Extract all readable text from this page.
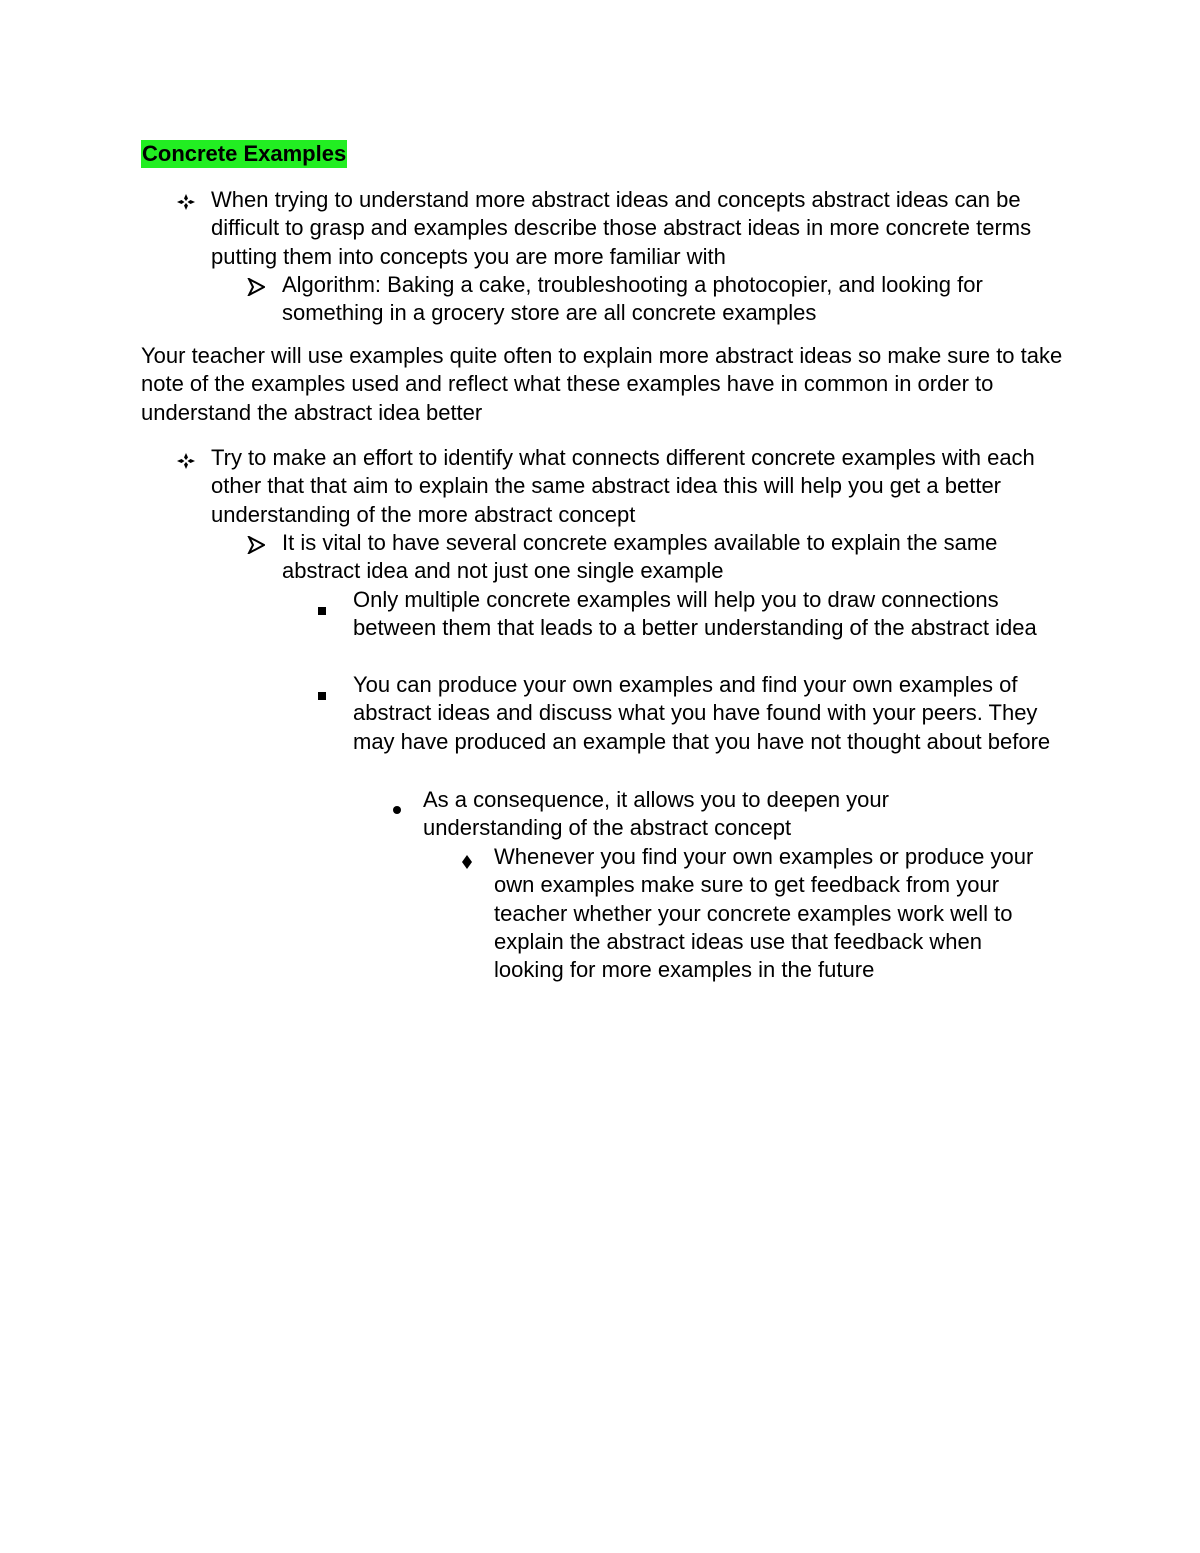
Concrete Examples
When trying to understand more abstract ideas and concepts abstract ideas can be difficult to grasp and examples describe those abstract ideas in more concrete terms putting them into concepts you are more familiar with
Algorithm: Baking a cake, troubleshooting a photocopier, and looking for something in a grocery store are all concrete examples
Your teacher will use examples quite often to explain more abstract ideas so make sure to take note of the examples used and reflect what these examples have in common in order to understand the abstract idea better
Try to make an effort to identify what connects different concrete examples with each other that that aim to explain the same abstract idea this will help you get a better understanding of the more abstract concept
It is vital to have several concrete examples available to explain the same abstract idea and not just one single example
Only multiple concrete examples will help you to draw connections between them that leads to a better understanding of the abstract idea
You can produce your own examples and find your own examples of abstract ideas and discuss what you have found with your peers. They may have produced an example that you have not thought about before
As a consequence, it allows you to deepen your understanding of the abstract concept
Whenever you find your own examples or produce your own examples make sure to get feedback from your teacher whether your concrete examples work well to explain the abstract ideas use that feedback when looking for more examples in the future
